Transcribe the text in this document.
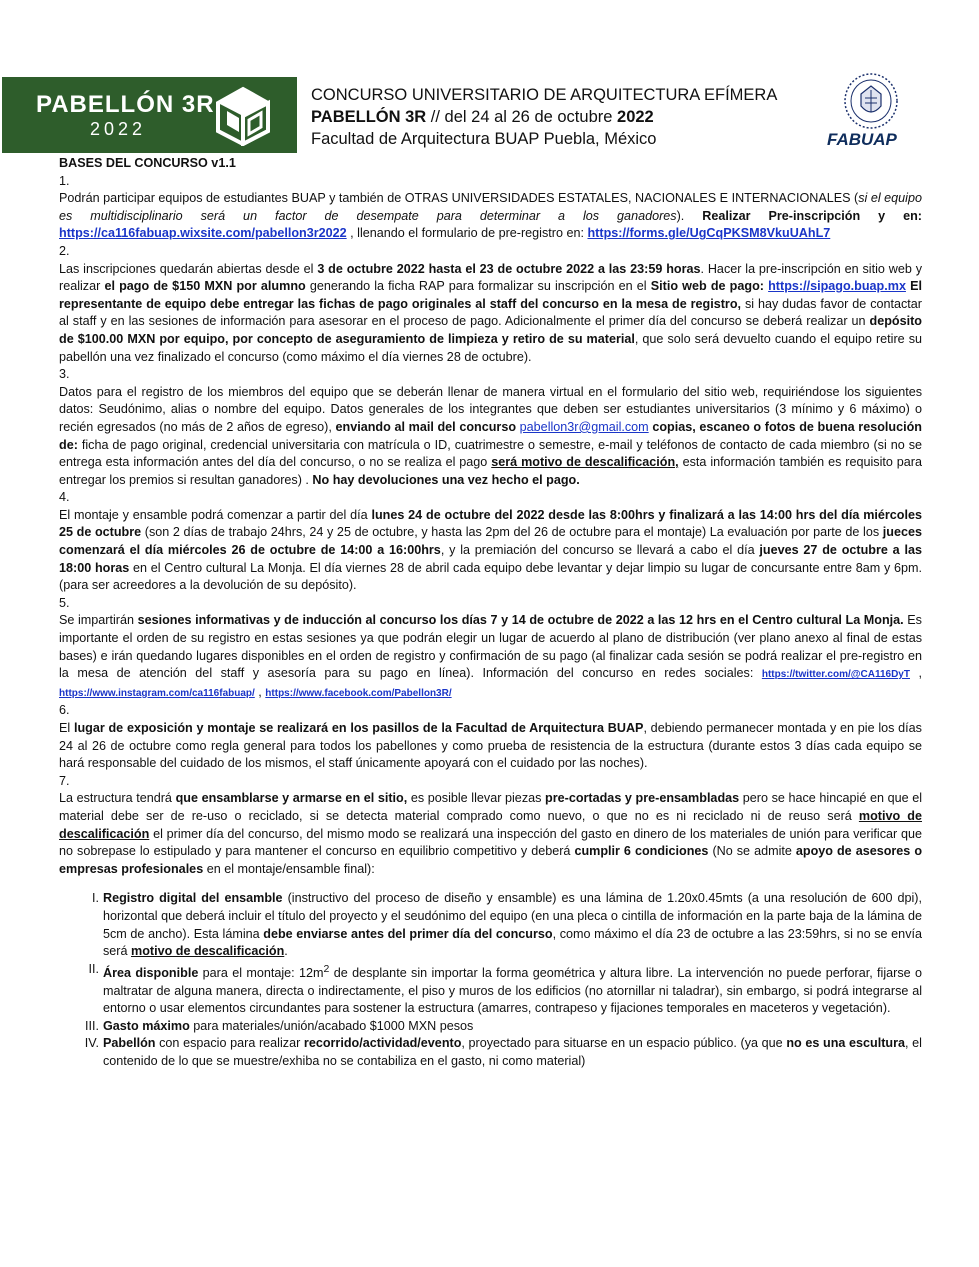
PABELLÓN 3R
2022
CONCURSO UNIVERSITARIO DE ARQUITECTURA EFÍMERA
PABELLÓN 3R // del 24 al 26 de octubre 2022
Facultad de Arquitectura BUAP Puebla, México	FABUAP

BASES DEL CONCURSO v1.1

1.

Podrán participar equipos de estudiantes BUAP y también de OTRAS UNIVERSIDADES ESTATALES, NACIONALES E INTERNACIONALES (si el equipo es multidisciplinario será un factor de desempate para determinar a los ganadores). Realizar Pre-inscripción y en: https://ca116fabuap.wixsite.com/pabellon3r2022 , llenando el formulario de pre-registro en: https://forms.gle/UgCqPKSM8VkuUAhL7

2.

Las inscripciones quedarán abiertas desde el 3 de octubre 2022 hasta el 23 de octubre 2022 a las 23:59 horas. Hacer la pre-inscripción en sitio web y realizar el pago de $150 MXN por alumno generando la ficha RAP para formalizar su inscripción en el Sitio web de pago: https://sipago.buap.mx El representante de equipo debe entregar las fichas de pago originales al staff del concurso en la mesa de registro, si hay dudas favor de contactar al staff y en las sesiones de información para asesorar en el proceso de pago. Adicionalmente el primer día del concurso se deberá realizar un depósito de $100.00 MXN por equipo, por concepto de aseguramiento de limpieza y retiro de su material, que solo será devuelto cuando el equipo retire su pabellón una vez finalizado el concurso (como máximo el día viernes 28 de octubre).

3.

Datos para el registro de los miembros del equipo que se deberán llenar de manera virtual en el formulario del sitio web, requiriéndose los siguientes datos: Seudónimo, alias o nombre del equipo. Datos generales de los integrantes que deben ser estudiantes universitarios (3 mínimo y 6 máximo) o recién egresados (no más de 2 años de egreso), enviando al mail del concurso pabellon3r@gmail.com copias, escaneo o fotos de buena resolución de: ficha de pago original, credencial universitaria con matrícula o ID, cuatrimestre o semestre, e-mail y teléfonos de contacto de cada miembro (si no se entrega esta información antes del día del concurso, o no se realiza el pago será motivo de descalificación, esta información también es requisito para entregar los premios si resultan ganadores) . No hay devoluciones una vez hecho el pago.

4.

El montaje y ensamble podrá comenzar a partir del día lunes 24 de octubre del 2022 desde las 8:00hrs y finalizará a las 14:00 hrs del día miércoles 25 de octubre (son 2 días de trabajo 24hrs, 24 y 25 de octubre, y hasta las 2pm del 26 de octubre para el montaje) La evaluación por parte de los jueces comenzará el día miércoles 26 de octubre de 14:00 a 16:00hrs, y la premiación del concurso se llevará a cabo el día jueves 27 de octubre a las 18:00 horas en el Centro cultural La Monja. El día viernes 28 de abril cada equipo debe levantar y dejar limpio su lugar de concursante entre 8am y 6pm. (para ser acreedores a la devolución de su depósito).

5.

Se impartirán sesiones informativas y de inducción al concurso los días 7 y 14 de octubre de 2022 a las 12 hrs en el Centro cultural La Monja. Es importante el orden de su registro en estas sesiones ya que podrán elegir un lugar de acuerdo al plano de distribución (ver plano anexo al final de estas bases) e irán quedando lugares disponibles en el orden de registro y confirmación de su pago (al finalizar cada sesión se podrá realizar el pre-registro en la mesa de atención del staff y asesoría para su pago en línea). Información del concurso en redes sociales: https://twitter.com/@CA116DyT , https://www.instagram.com/ca116fabuap/ , https://www.facebook.com/Pabellon3R/

6.

El lugar de exposición y montaje se realizará en los pasillos de la Facultad de Arquitectura BUAP, debiendo permanecer montada y en pie los días 24 al 26 de octubre como regla general para todos los pabellones y como prueba de resistencia de la estructura (durante estos 3 días cada equipo se hará responsable del cuidado de los mismos, el staff únicamente apoyará con el cuidado por las noches).

7.

La estructura tendrá que ensamblarse y armarse en el sitio, es posible llevar piezas pre-cortadas y pre-ensambladas pero se hace hincapié en que el material debe ser de re-uso o reciclado, si se detecta material comprado como nuevo, o que no es ni reciclado ni de reuso será motivo de descalificación el primer día del concurso, del mismo modo se realizará una inspección del gasto en dinero de los materiales de unión para verificar que no sobrepase lo estipulado y para mantener el concurso en equilibrio competitivo y deberá cumplir 6 condiciones (No se admite apoyo de asesores o empresas profesionales en el montaje/ensamble final):

I. Registro digital del ensamble (instructivo del proceso de diseño y ensamble) es una lámina de 1.20x0.45mts (a una resolución de 600 dpi), horizontal que deberá incluir el título del proyecto y el seudónimo del equipo (en una pleca o cintilla de información en la parte baja de la lámina de 5cm de ancho). Esta lámina debe enviarse antes del primer día del concurso, como máximo el día 23 de octubre a las 23:59hrs, si no se envía será motivo de descalificación.
II. Área disponible para el montaje: $12m^2$ de desplante sin importar la forma geométrica y altura libre. La intervención no puede perforar, fijarse o maltratar de alguna manera, directa o indirectamente, el piso y muros de los edificios (no atornillar ni taladrar), sin embargo, si podrá integrarse al entorno o usar elementos circundantes para sostener la estructura (amarres, contrapeso y fijaciones temporales en maceteros y vegetación).
III. Gasto máximo para materiales/unión/acabado $1000 MXN pesos
IV. Pabellón con espacio para realizar recorrido/actividad/evento, proyectado para situarse en un espacio público. (ya que no es una escultura, el contenido de lo que se muestre/exhiba no se contabiliza en el gasto, ni como material)
